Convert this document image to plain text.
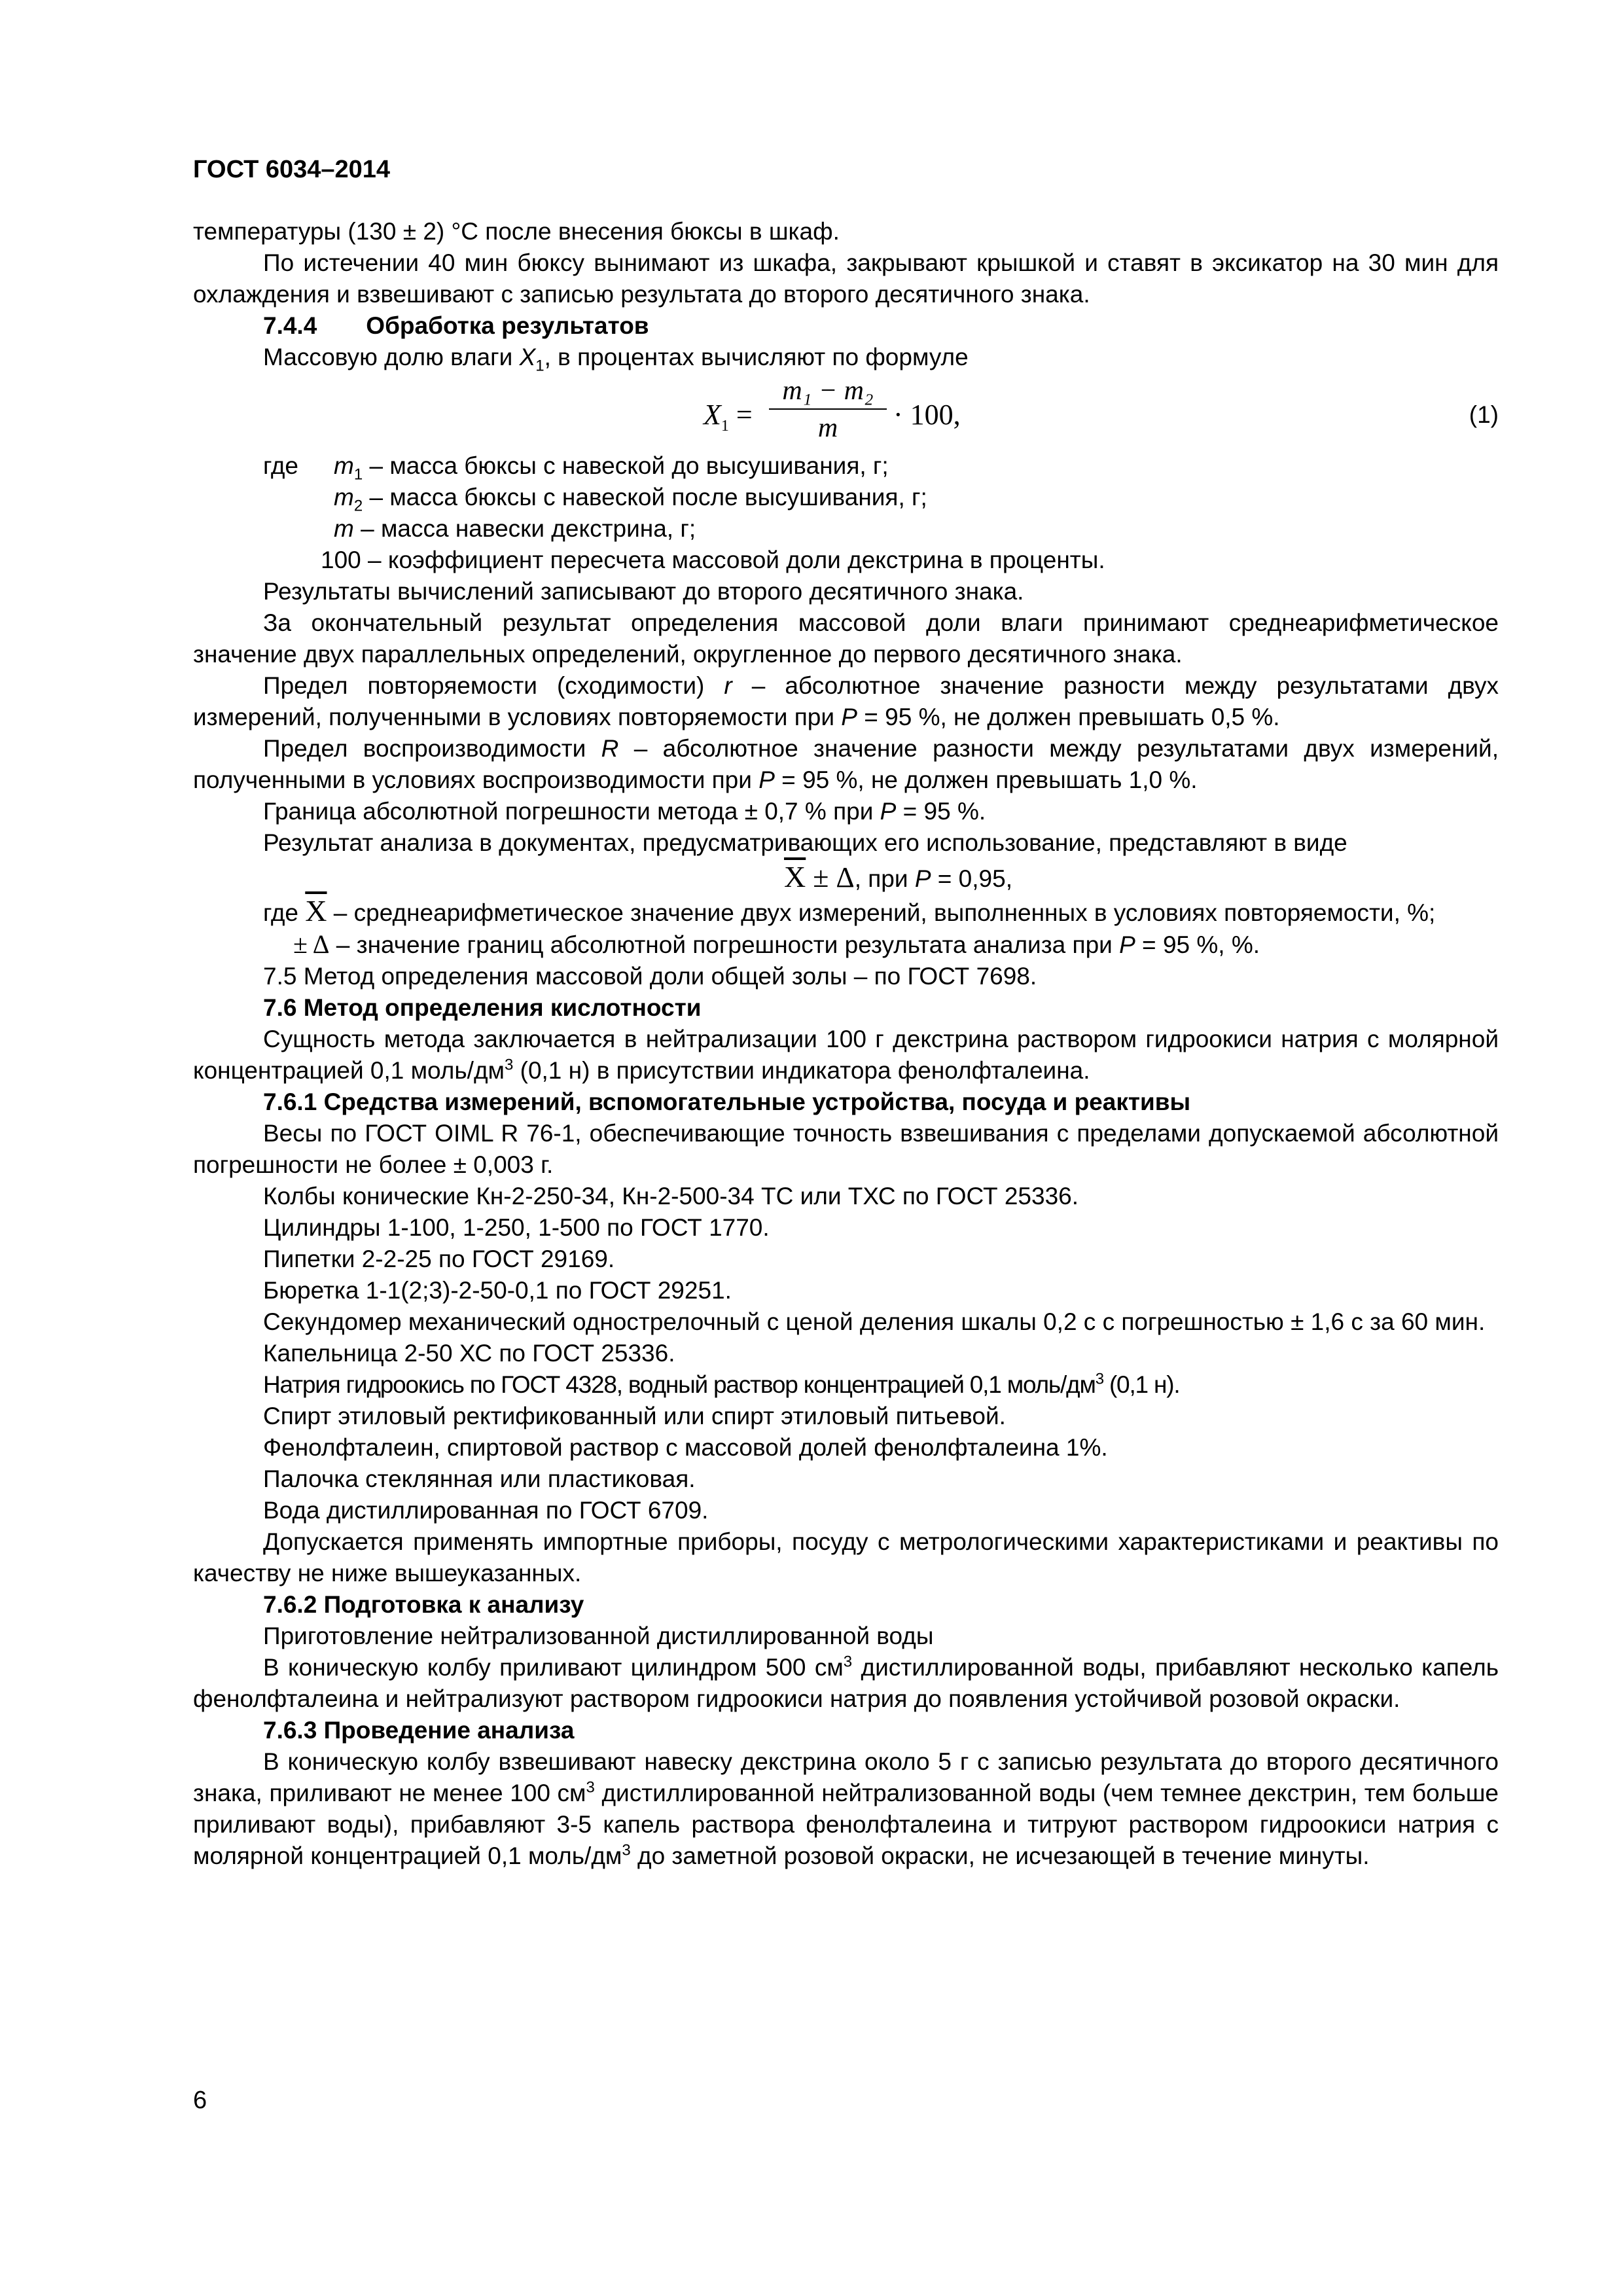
ГОСТ 6034–2014

температуры (130 ± 2) °С после внесения бюксы в шкаф.

По истечении 40 мин бюксу вынимают из шкафа, закрывают крышкой и ставят в эксикатор на 30 мин для охлаждения и взвешивают с записью результата до второго десятичного знака.

7.4.4 Обработка результатов

Массовую долю влаги $X_1$, в процентах вычисляют по формуле

$X_1 = \frac{\text{m₁ − m₂}}{m} \cdot 100$,	(1)
где $m_1$ – масса бюксы с навеской до высушивания, г;
$m_2$ – масса бюксы с навеской после высушивания, г;
m – масса навески декстрина, г;
100 – коэффициент пересчета массовой доли декстрина в проценты.

Результаты вычислений записывают до второго десятичного знака.

За окончательный результат определения массовой доли влаги принимают среднеарифметическое значение двух параллельных определений, округленное до первого десятичного знака.

Предел повторяемости (сходимости) r – абсолютное значение разности между результатами двух измерений, полученными в условиях повторяемости при P = 95 %, не должен превышать 0,5 %.

Предел воспроизводимости R – абсолютное значение разности между результатами двух измерений, полученными в условиях воспроизводимости при P = 95 %, не должен превышать 1,0 %.

Граница абсолютной погрешности метода ± 0,7 % при P = 95 %.

Результат анализа в документах, предусматривающих его использование, представляют в виде

$\overline{X} \pm \Delta$, при P = 0,95,

где $\overline{X}$ – среднеарифметическое значение двух измерений, выполненных в условиях повторяемости, %;

± Δ – значение границ абсолютной погрешности результата анализа при P = 95 %, %.

7.5 Метод определения массовой доли общей золы – по ГОСТ 7698.

7.6 Метод определения кислотности

Сущность метода заключается в нейтрализации 100 г декстрина раствором гидроокиси натрия с молярной концентрацией 0,1 моль/$дм^3$ (0,1 н) в присутствии индикатора фенолфталеина.

7.6.1 Средства измерений, вспомогательные устройства, посуда и реактивы

Весы по ГОСТ OIML R 76-1, обеспечивающие точность взвешивания с пределами допускаемой абсолютной погрешности не более ± 0,003 г.

Колбы конические Кн-2-250-34, Кн-2-500-34 ТС или ТХС по ГОСТ 25336.

Цилиндры 1-100, 1-250, 1-500 по ГОСТ 1770.

Пипетки 2-2-25 по ГОСТ 29169.

Бюретка 1-1(2;3)-2-50-0,1 по ГОСТ 29251.

Секундомер механический однострелочный с ценой деления шкалы 0,2 с с погрешностью ± 1,6 с за 60 мин.

Капельница 2-50 ХС по ГОСТ 25336.

Натрия гидроокись по ГОСТ 4328, водный раствор концентрацией 0,1 моль/$дм^3$ (0,1 н).

Спирт этиловый ректификованный или спирт этиловый питьевой.

Фенолфталеин, спиртовой раствор с массовой долей фенолфталеина 1%.

Палочка стеклянная или пластиковая.

Вода дистиллированная по ГОСТ 6709.

Допускается применять импортные приборы, посуду с метрологическими характеристиками и реактивы по качеству не ниже вышеуказанных.

7.6.2 Подготовка к анализу

Приготовление нейтрализованной дистиллированной воды

В коническую колбу приливают цилиндром 500 $см^3$ дистиллированной воды, прибавляют несколько капель фенолфталеина и нейтрализуют раствором гидроокиси натрия до появления устойчивой розовой окраски.

7.6.3 Проведение анализа

В коническую колбу взвешивают навеску декстрина около 5 г с записью результата до второго десятичного знака, приливают не менее 100 $см^3$ дистиллированной нейтрализованной воды (чем темнее декстрин, тем больше приливают воды), прибавляют 3-5 капель раствора фенолфталеина и титруют раствором гидроокиси натрия с молярной концентрацией 0,1 моль/$дм^3$ до заметной розовой окраски, не исчезающей в течение минуты.

6
